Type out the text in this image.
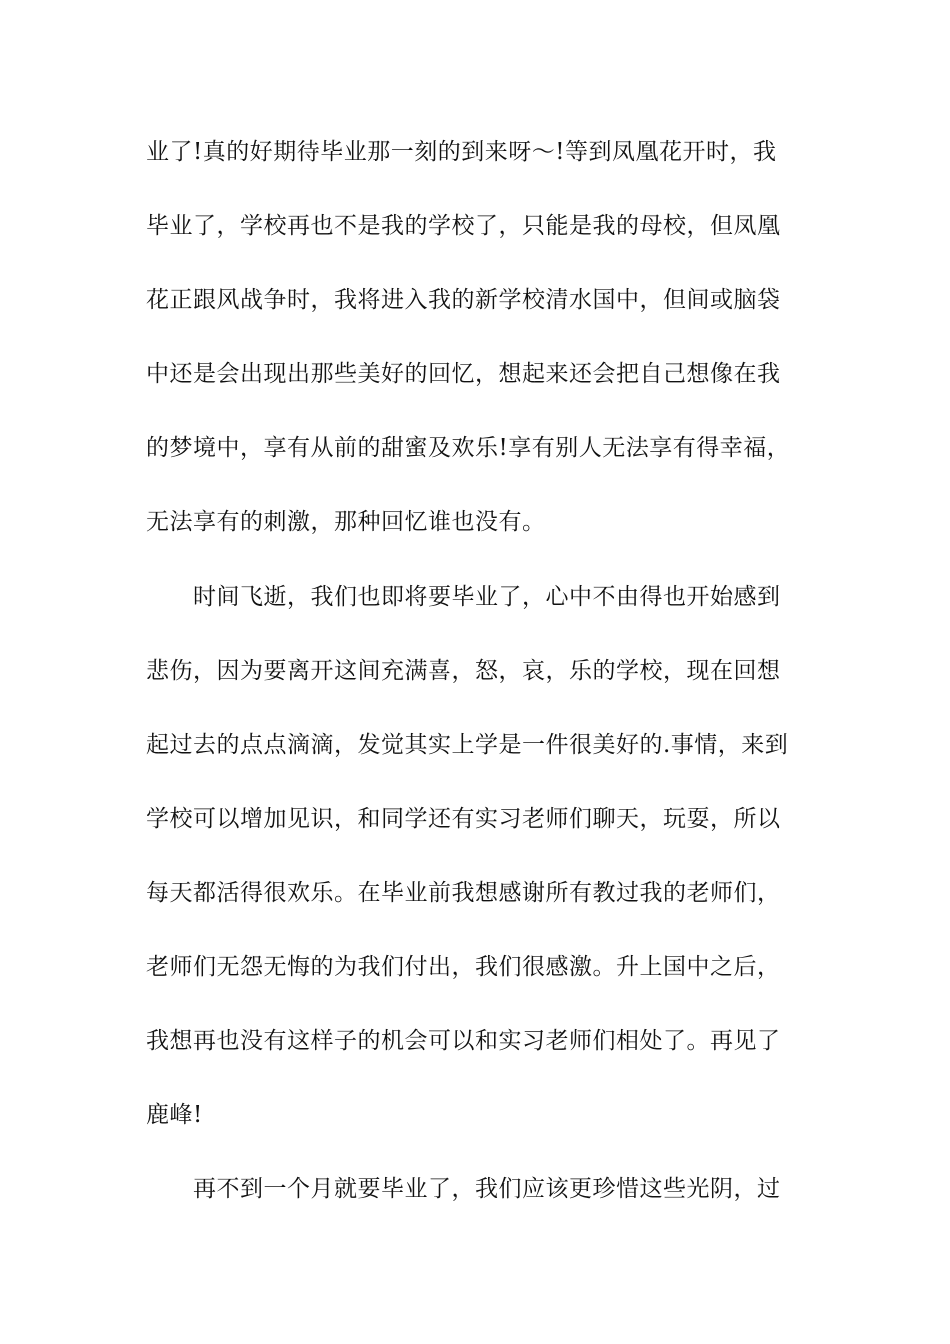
业了!真的好期待毕业那一刻的到来呀～!等到凤凰花开时，我
毕业了，学校再也不是我的学校了，只能是我的母校，但凤凰
花正跟风战争时，我将进入我的新学校清水国中，但间或脑袋
中还是会出现出那些美好的回忆，想起来还会把自己想像在我
的梦境中，享有从前的甜蜜及欢乐!享有别人无法享有得幸福，
无法享有的刺激，那种回忆谁也没有。
时间飞逝，我们也即将要毕业了，心中不由得也开始感到
悲伤，因为要离开这间充满喜，怒，哀，乐的学校，现在回想
起过去的点点滴滴，发觉其实上学是一件很美好的.事情，来到
学校可以增加见识，和同学还有实习老师们聊天，玩耍，所以
每天都活得很欢乐。在毕业前我想感谢所有教过我的老师们，
老师们无怨无悔的为我们付出，我们很感激。升上国中之后，
我想再也没有这样子的机会可以和实习老师们相处了。再见了
鹿峰!
再不到一个月就要毕业了，我们应该更珍惜这些光阴，过
